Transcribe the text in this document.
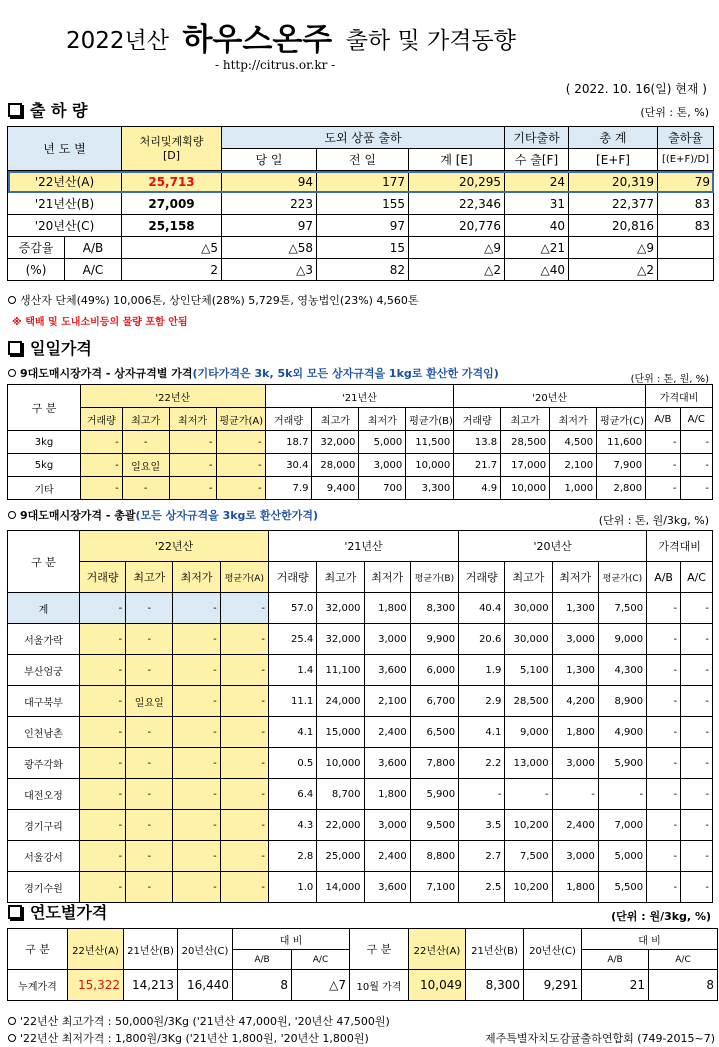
2022년산 하우스온주 출하 및 가격동향
- http://citrus.or.kr -
( 2022. 10. 16(일) 현재 )
출 하 량	(단위 : 톤, %)
년 도 별		처리및계획량
[D]	도외 상품 출하			기타출하	총 계	출하율
			당 일	전 일	계 [E]	수 출[F]	[E+F]	[(E+F)/D]
'22년산(A)		25,713	94	177	20,295	24	20,319	79
'21년산(B)		27,009	223	155	22,346	31	22,377	83
'20년산(C)		25,158	97	97	20,776	40	20,816	83
증감율	A/B	△5	△58	15	△9	△21	△9	
(%)	A/C	2	△3	82	△2	△40	△2	
생산자 단체(49%) 10,006톤, 상인단체(28%) 5,729톤, 영농법인(23%) 4,560톤
※ 택배 및 도내소비등의 물량 포함 안됨
일일가격
9대도매시장가격 - 상자규격별 가격(기타가격은 3k, 5k외 모든 상자규격을 1kg로 환산한 가격임)	(단위 : 톤, 원, %)
구 분	'22년산				'21년산				'20년산				가격대비	
	거래량	최고가	최저가	평균가(A)	거래량	최고가	최저가	평균가(B)	거래량	최고가	최저가	평균가(C)	A/B	A/C
3kg	-	-	-	-	18.7	32,000	5,000	11,500	13.8	28,500	4,500	11,600	-	-
5kg	-	일요일	-	-	30.4	28,000	3,000	10,000	21.7	17,000	2,100	7,900	-	-
기타	-	-	-	-	7.9	9,400	700	3,300	4.9	10,000	1,000	2,800	-	-
9대도매시장가격 - 총괄(모든 상자규격을 3kg로 환산한가격)	(단위 : 톤, 원/3kg, %)
구 분	'22년산				'21년산				'20년산				가격대비	
	거래량	최고가	최저가	평균가(A)	거래량	최고가	최저가	평균가(B)	거래량	최고가	최저가	평균가(C)	A/B	A/C
계	-	-	-	-	57.0	32,000	1,800	8,300	40.4	30,000	1,300	7,500	-	-
서울가락	-	-	-	-	25.4	32,000	3,000	9,900	20.6	30,000	3,000	9,000	-	-
부산엄궁	-	-	-	-	1.4	11,100	3,600	6,000	1.9	5,100	1,300	4,300	-	-
대구북부	-	일요일	-	-	11.1	24,000	2,100	6,700	2.9	28,500	4,200	8,900	-	-
인천남촌	-	-	-	-	4.1	15,000	2,400	6,500	4.1	9,000	1,800	4,900	-	-
광주각화	-	-	-	-	0.5	10,000	3,600	7,800	2.2	13,000	3,000	5,900	-	-
대전오정	-	-	-	-	6.4	8,700	1,800	5,900	-	-	-	-	-	-
경기구리	-	-	-	-	4.3	22,000	3,000	9,500	3.5	10,200	2,400	7,000	-	-
서울강서	-	-	-	-	2.8	25,000	2,400	8,800	2.7	7,500	3,000	5,000	-	-
경기수원	-	-	-	-	1.0	14,000	3,600	7,100	2.5	10,200	1,800	5,500	-	-
연도별가격	(단위 : 원/3kg, %)
구 분	22년산(A)	21년산(B)	20년산(C)	대 비		구 분	22년산(A)	21년산(B)	20년산(C)	대 비	
				A/B	A/C					A/B	A/C
누계가격	15,322	14,213	16,440	8	△7	10월 가격	10,049	8,300	9,291	21	8
'22년산 최고가격 : 50,000원/3Kg ('21년산 47,000원, '20년산 47,500원)
'22년산 최저가격 : 1,800원/3Kg ('21년산 1,800원, '20년산 1,800원)	제주특별자치도감귤출하연합회 (749-2015~7)
